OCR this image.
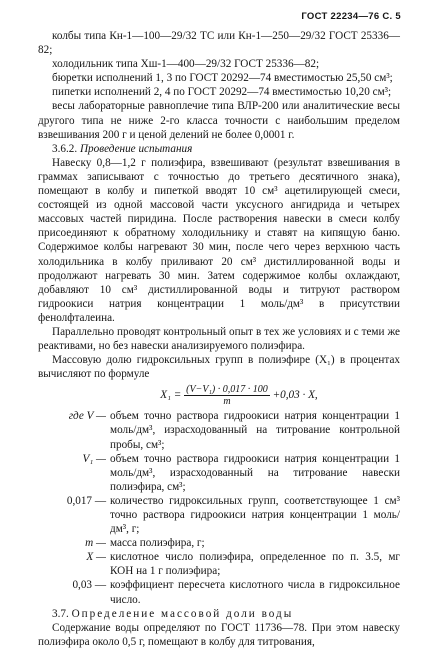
ГОСТ 22234—76 С. 5

колбы типа Кн-1—100—29/32 ТС или Кн-1—250—29/32 ГОСТ 25336—82;

холодильник типа Хш-1—400—29/32 ГОСТ 25336—82;

бюретки исполнений 1, 3 по ГОСТ 20292—74 вместимостью 25,50 см³;

пипетки исполнений 2, 4 по ГОСТ 20292—74 вместимостью 10,20 см³;

весы лабораторные равноплечие типа ВЛР-200 или аналитические весы другого типа не ниже 2-го класса точности с наибольшим пределом взвешивания 200 г и ценой делений не более 0,0001 г.

3.6.2. Проведение испытания

Навеску 0,8—1,2 г полиэфира, взвешивают (результат взвешивания в граммах записывают с точностью до третьего десятичного знака), помещают в колбу и пипеткой вводят 10 см³ ацетилирующей смеси, состоящей из одной массовой части уксусного ангидрида и четырех массовых частей пиридина. После растворения навески в смеси колбу присоединяют к обратному холодильнику и ставят на кипящую баню. Содержимое колбы нагревают 30 мин, после чего через верхнюю часть холодильника в колбу приливают 20 см³ дистиллированной воды и продолжают нагревать 30 мин. Затем содержимое колбы охлаждают, добавляют 10 см³ дистиллированной воды и титруют раствором гидроокиси натрия концентрации 1 моль/дм³ в присутствии фенолфталеина.

Параллельно проводят контрольный опыт в тех же условиях и с теми же реактивами, но без навески анализируемого полиэфира.

Массовую долю гидроксильных групп в полиэфире (X₁) в процентах вычисляют по формуле

$X_1 = \frac{\text{(V−V₁) · 0,017 · 100}}{m} +0,03 \cdot X$,
где V — объем точно раствора гидроокиси натрия концентрации 1 моль/дм³, израсходованный на титрование контрольной пробы, см³;
V₁ — объем точно раствора гидроокиси натрия концентрации 1 моль/дм³, израсходованный на титрование навески полиэфира, см³;
0,017 — количество гидроксильных групп, соответствующее 1 см³ точно раствора гидроокиси натрия концентрации 1 моль/дм³, г;
m — масса полиэфира, г;
X — кислотное число полиэфира, определенное по п. 3.5, мг КОН на 1 г полиэфира;
0,03 — коэффициент пересчета кислотного числа в гидроксильное число.

3.7. Определение массовой доли воды

Содержание воды определяют по ГОСТ 11736—78. При этом навеску полиэфира около 0,5 г, помещают в колбу для титрования,
